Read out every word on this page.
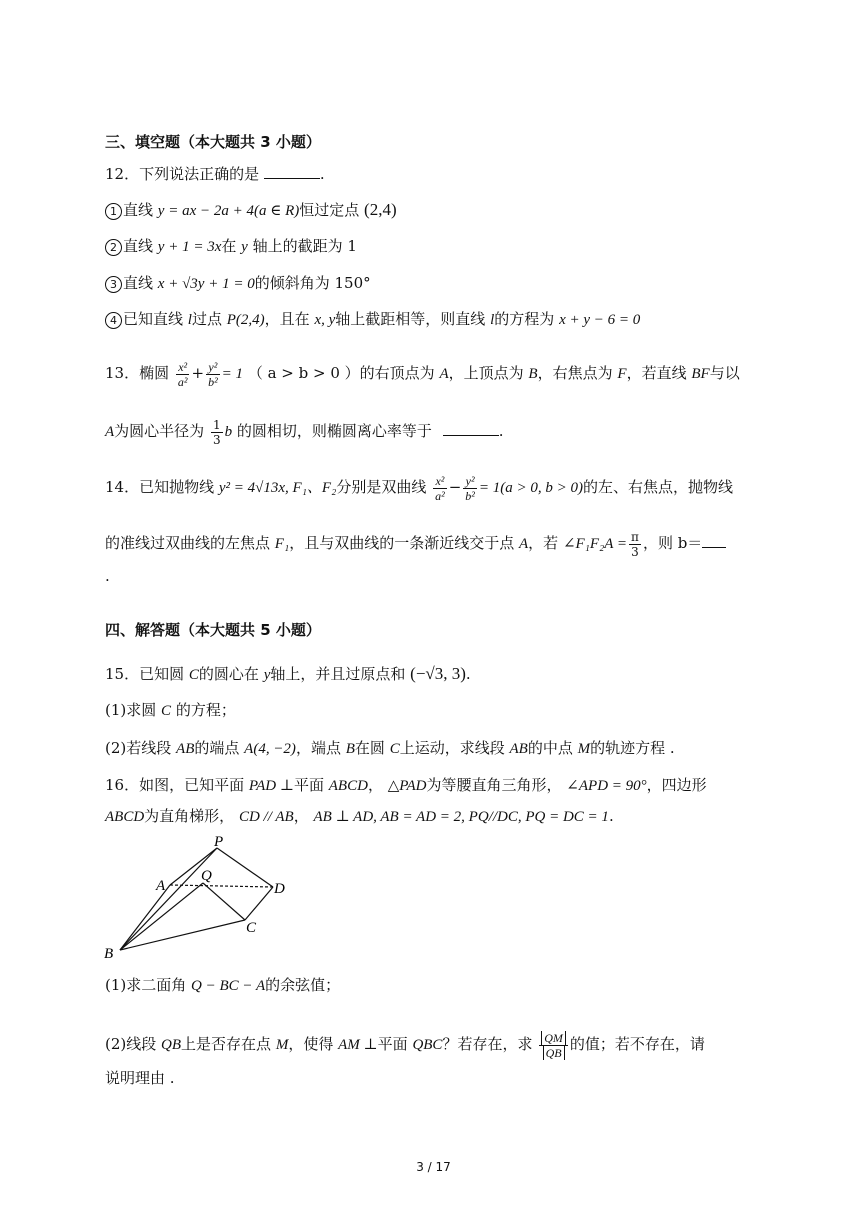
三、填空题（本大题共 3 小题）
12．下列说法正确的是	.
1 直线 y = ax − 2a + 4(a ∈ R)恒过定点 (2,4)
2 直线 y + 1 = 3x在 y 轴上的截距为 1
3 直线 x + √3y + 1 = 0的倾斜角为 150°
4 已知直线 l过点 P(2,4)，且在 x, y轴上截距相等，则直线 l的方程为 x + y − 6 = 0
13．椭圆 $\frac{\text{x²}}{\text{a²}} + \frac{\text{y²}}{\text{b²}} = 1$ （ a > b > 0 ）的右顶点为 A，上顶点为 B，右焦点为 F，若直线 BF与以
A为圆心半径为 $\frac{1}{3}$ b 的圆相切，则椭圆离心率等于	.
14．已知抛物线 y² = 4√13x, F₁、F₂分别是双曲线 $\frac{\text{x²}}{\text{a²}} - \frac{\text{y²}}{\text{b²}} = 1(a > 0$, b > 0)的左、右焦点，抛物线
的准线过双曲线的左焦点 F₁，且与双曲线的一条渐近线交于点 A，若 ∠F₁F₂A = $\frac{\pi}{3}$ ，则 b＝
.
四、解答题（本大题共 5 小题）
15．已知圆 C的圆心在 y轴上，并且过原点和 (−√3, 3).
(1)求圆 C 的方程；
(2)若线段 AB的端点 A(4, −2)，端点 B在圆 C上运动，求线段 AB的中点 M的轨迹方程 .
16．如图，已知平面 PAD ⊥平面 ABCD， △PAD为等腰直角三角形， ∠APD = 90°，四边形
ABCD为直角梯形， CD // AB， AB ⊥ AD, AB = AD = 2, PQ//DC, PQ = DC = 1.
P
A
Q
D
C
B
(1)求二面角 Q − BC − A的余弦值；
(2)线段 QB上是否存在点 M，使得 AM ⊥平面 QBC？若存在，求 $\frac{QM}{QB}$ 的值；若不存在，请
说明理由 .
3 / 17
